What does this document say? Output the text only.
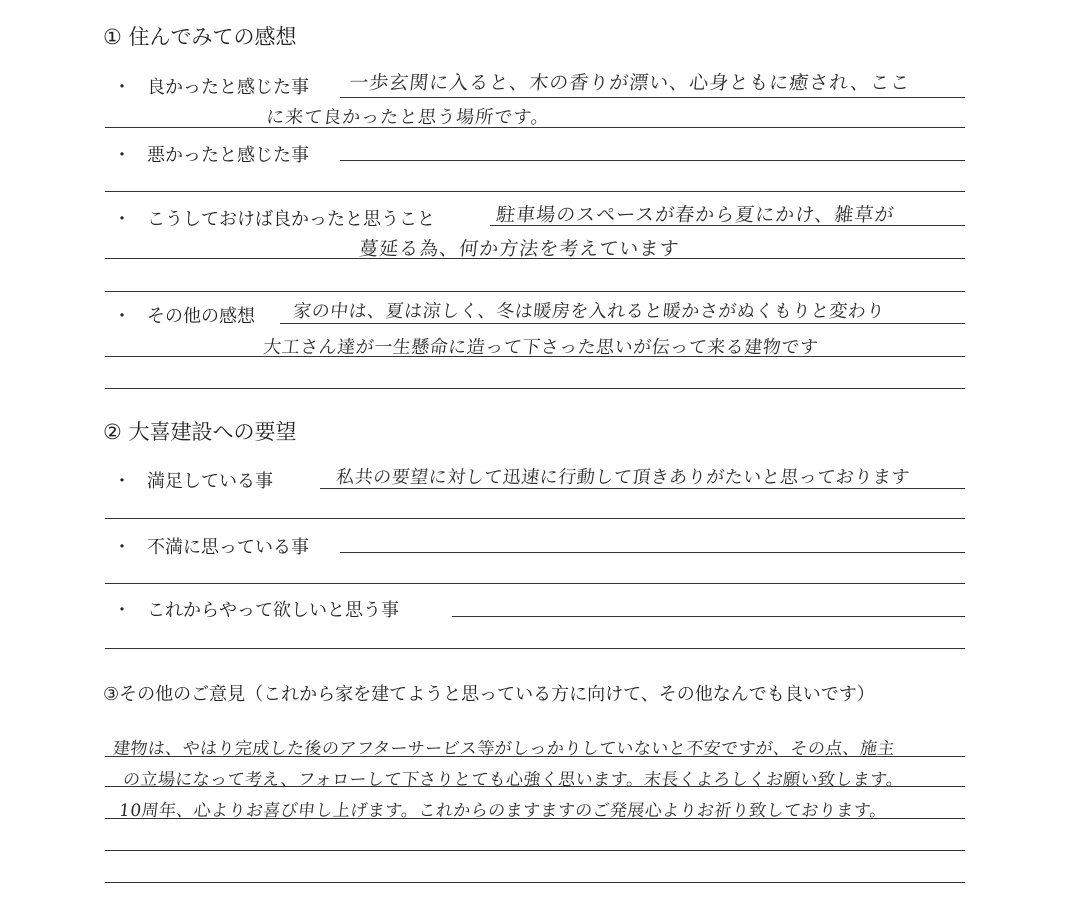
① 住んでみての感想
・ 良かったと感じた事 一歩玄関に入ると、木の香りが漂い、心身ともに癒され、ここ
に来て良かったと思う場所です。
・ 悪かったと感じた事
・ こうしておけば良かったと思うこと	駐車場のスペースが春から夏にかけ、雑草が
蔓延る為、何か方法を考えています
・ その他の感想 家の中は、夏は涼しく、冬は暖房を入れると暖かさがぬくもりと変わり
大工さん達が一生懸命に造って下さった思いが伝って来る建物です
② 大喜建設への要望
・ 満足している事	私共の要望に対して迅速に行動して頂きありがたいと思っております
・ 不満に思っている事
・ これからやって欲しいと思う事
③その他のご意見（これから家を建てようと思っている方に向けて、その他なんでも良いです）
建物は、やはり完成した後のアフターサービス等がしっかりしていないと不安ですが、その点、施主
の立場になって考え、フォローして下さりとても心強く思います。末長くよろしくお願い致します。
10周年、心よりお喜び申し上げます。これからのますますのご発展心よりお祈り致しております。
